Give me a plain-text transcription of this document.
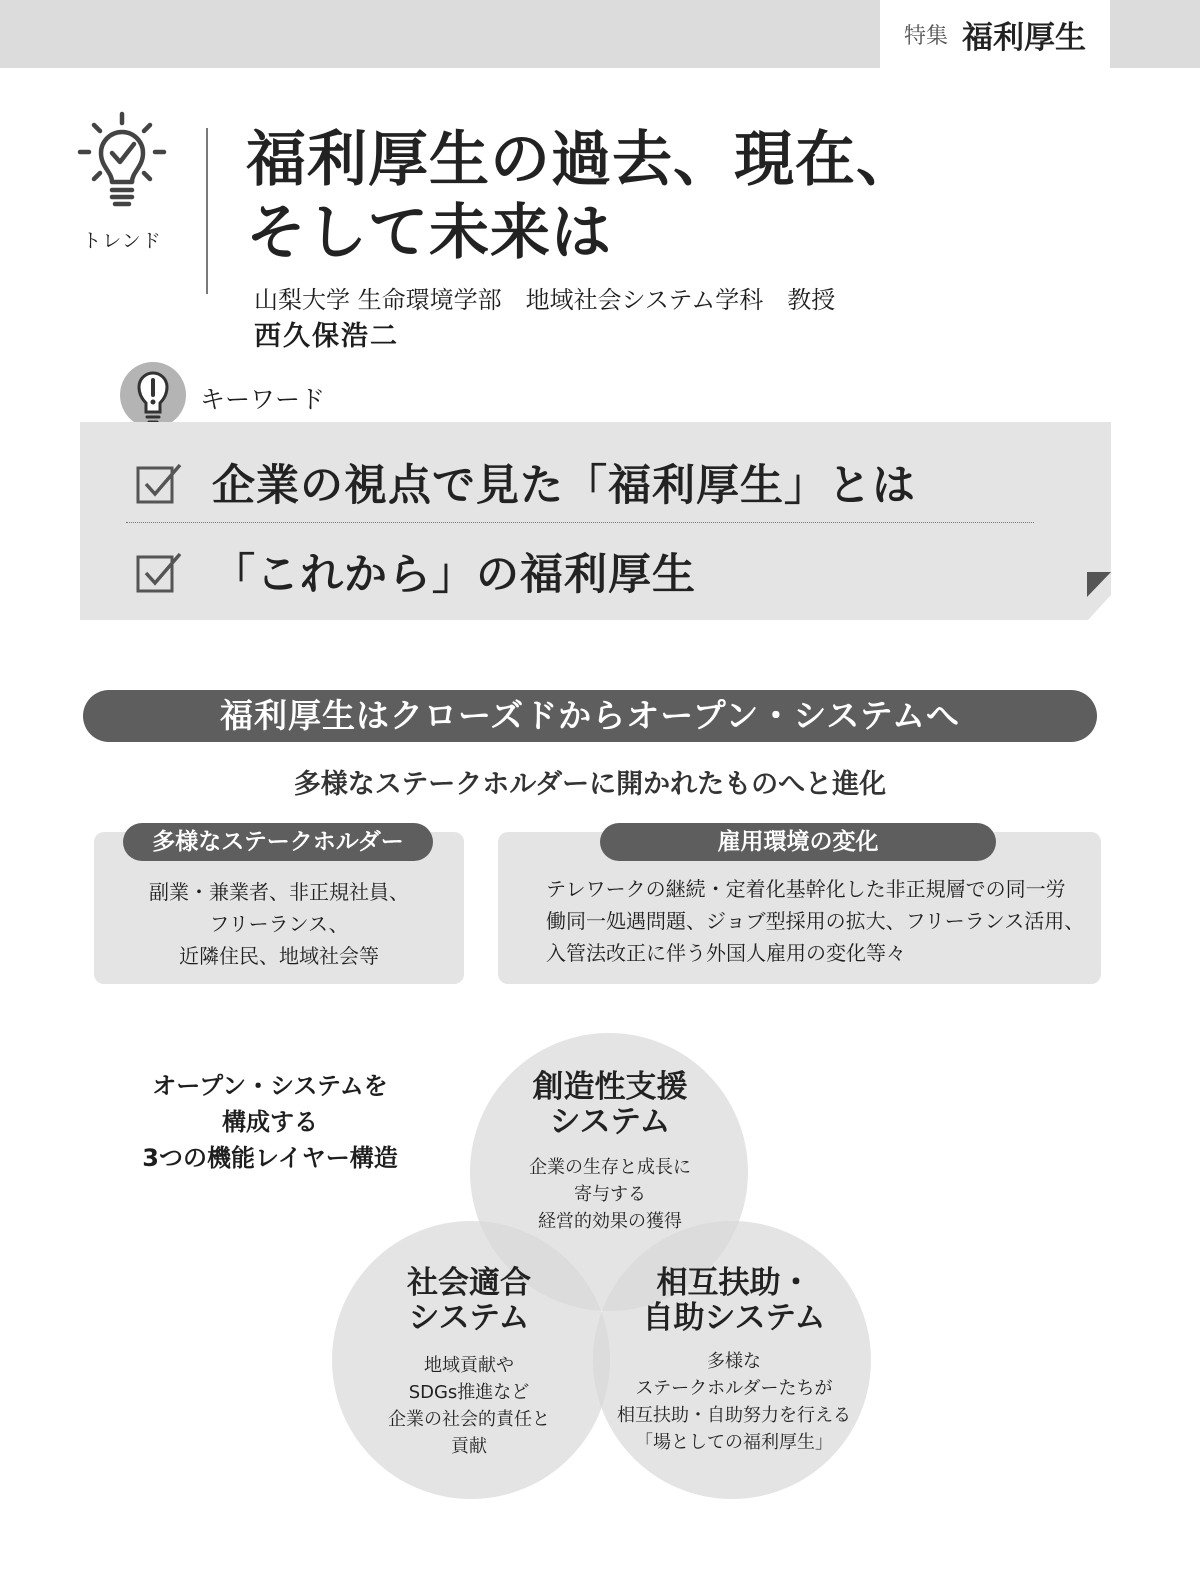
特集 福利厚生
トレンド
福利厚生の過去、現在、
そして未来は
山梨大学 生命環境学部　地域社会システム学科　教授
西久保浩二
キーワード
企業の視点で見た「福利厚生」とは
「これから」の福利厚生
福利厚生はクローズドからオープン・システムへ
多様なステークホルダーに開かれたものへと進化
多様なステークホルダー
副業・兼業者、非正規社員、
フリーランス、
近隣住民、地域社会等
雇用環境の変化
テレワークの継続・定着化基幹化した非正規層での同一労
働同一処遇問題、ジョブ型採用の拡大、フリーランス活用、
入管法改正に伴う外国人雇用の変化等々
オープン・システムを
構成する
3つの機能レイヤー構造
創造性支援
システム
企業の生存と成長に
寄与する
経営的効果の獲得
社会適合
システム
地域貢献や
SDGs推進など
企業の社会的責任と
貢献
相互扶助・
自助システム
多様な
ステークホルダーたちが
相互扶助・自助努力を行える
「場としての福利厚生」
